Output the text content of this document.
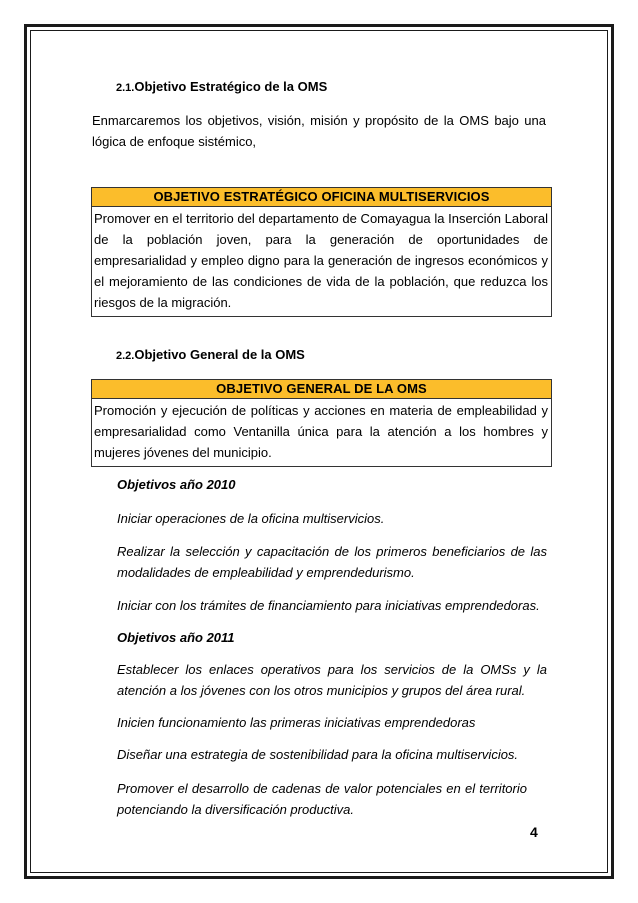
2.1.Objetivo Estratégico de la OMS
Enmarcaremos los objetivos, visión, misión y propósito de la OMS bajo una lógica de enfoque sistémico,
OBJETIVO ESTRATÉGICO OFICINA MULTISERVICIOS
Promover en el territorio del departamento de Comayagua la Inserción Laboral de la población joven, para la generación de oportunidades de empresarialidad y empleo digno para la generación de ingresos económicos y el mejoramiento de las condiciones de vida de la población, que reduzca los riesgos de la migración.
2.2.Objetivo General de la OMS
OBJETIVO GENERAL DE LA OMS
Promoción y ejecución de políticas y acciones en materia de empleabilidad y empresarialidad como Ventanilla única para la atención a los hombres y mujeres jóvenes del municipio.
Objetivos año 2010
Iniciar operaciones de la oficina multiservicios.
Realizar la selección y capacitación de los primeros beneficiarios de las modalidades de empleabilidad y emprendedurismo.
Iniciar con los trámites de financiamiento para iniciativas emprendedoras.
Objetivos año 2011
Establecer los enlaces operativos para los servicios de la OMSs y la atención a los jóvenes con los otros municipios y grupos del área rural.
Inicien funcionamiento las primeras iniciativas emprendedoras
Diseñar una estrategia de sostenibilidad para la oficina multiservicios.
Promover el desarrollo de cadenas de valor potenciales en el territorio potenciando la diversificación productiva.
4
